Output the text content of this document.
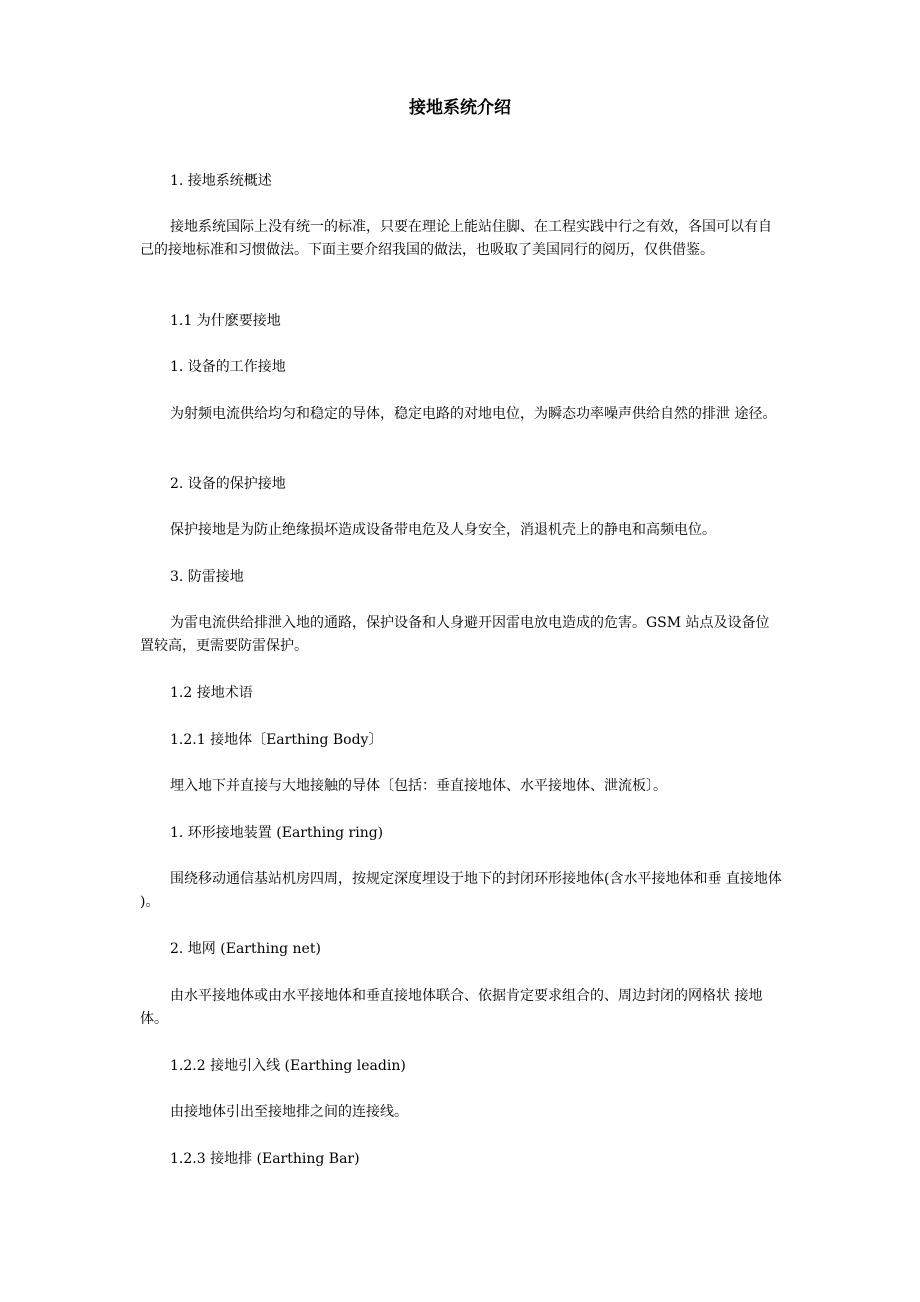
接地系统介绍

1. 接地系统概述

接地系统国际上没有统一的标准，只要在理论上能站住脚、在工程实践中行之有效，各国可以有自己的接地标准和习惯做法。下面主要介绍我国的做法，也吸取了美国同行的阅历，仅供借鉴。

1.1 为什麽要接地

1. 设备的工作接地

为射频电流供给均匀和稳定的导体，稳定电路的对地电位，为瞬态功率噪声供给自然的排泄 途径。

2. 设备的保护接地

保护接地是为防止绝缘损坏造成设备带电危及人身安全，消退机壳上的静电和高频电位。

3. 防雷接地

为雷电流供给排泄入地的通路，保护设备和人身避开因雷电放电造成的危害。GSM 站点及设备位置较高，更需要防雷保护。

1.2 接地术语

1.2.1 接地体〔Earthing Body〕

埋入地下并直接与大地接触的导体〔包括：垂直接地体、水平接地体、泄流板〕。

1. 环形接地装置 (Earthing ring)

围绕移动通信基站机房四周，按规定深度埋设于地下的封闭环形接地体(含水平接地体和垂 直接地体 )。

2. 地网 (Earthing net)

由水平接地体或由水平接地体和垂直接地体联合、依据肯定要求组合的、周边封闭的网格状 接地体。

1.2.2 接地引入线 (Earthing leadin)

由接地体引出至接地排之间的连接线。

1.2.3 接地排 (Earthing Bar)
